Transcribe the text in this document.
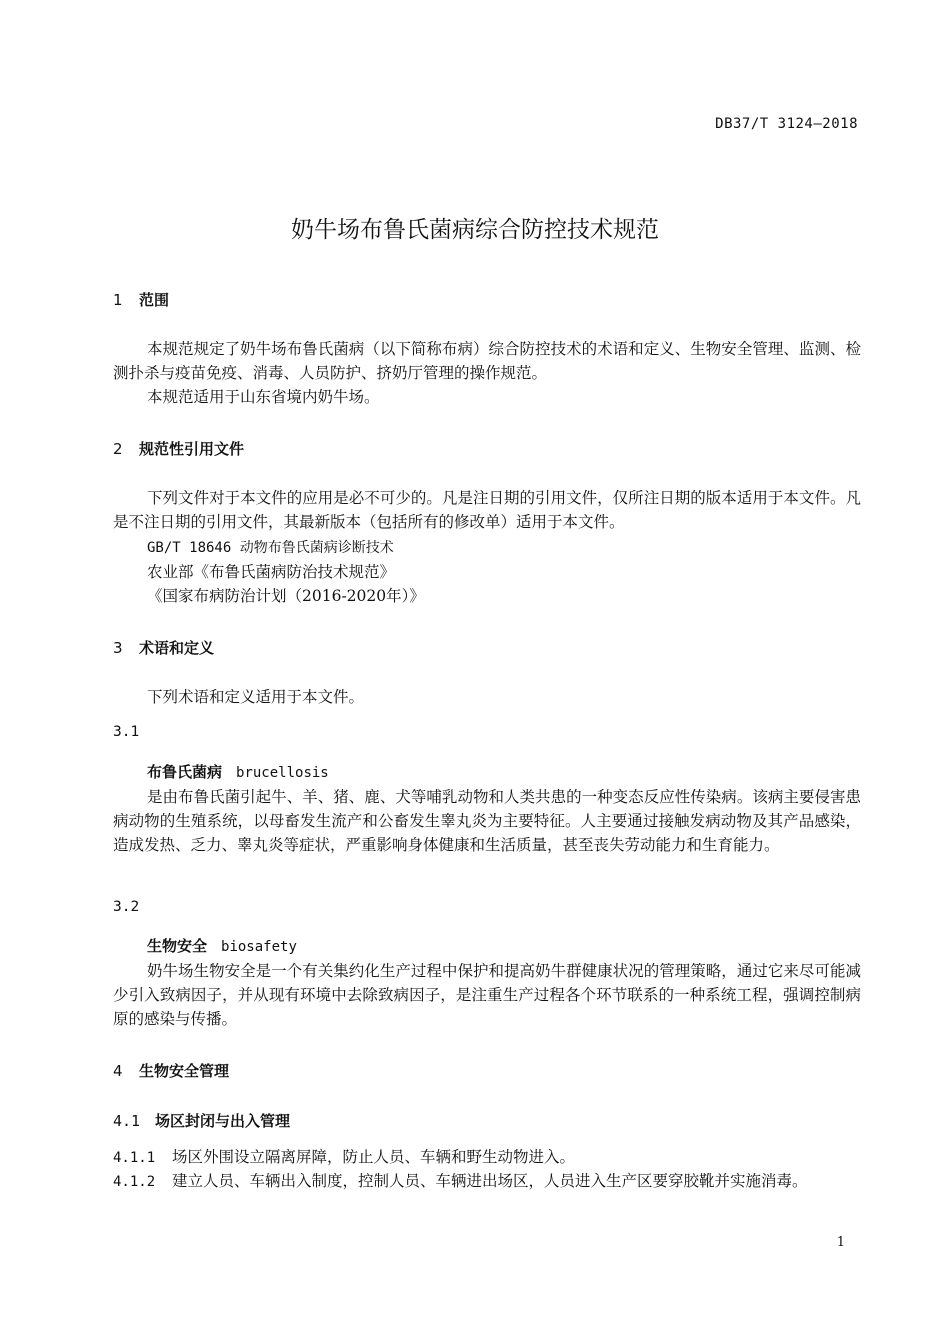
DB37/T 3124—2018
奶牛场布鲁氏菌病综合防控技术规范
1 范围
本规范规定了奶牛场布鲁氏菌病（以下简称布病）综合防控技术的术语和定义、生物安全管理、监测、检测扑杀与疫苗免疫、消毒、人员防护、挤奶厅管理的操作规范。
本规范适用于山东省境内奶牛场。
2 规范性引用文件
下列文件对于本文件的应用是必不可少的。凡是注日期的引用文件，仅所注日期的版本适用于本文件。凡是不注日期的引用文件，其最新版本（包括所有的修改单）适用于本文件。
GB/T 18646 动物布鲁氏菌病诊断技术
农业部《布鲁氏菌病防治技术规范》
《国家布病防治计划（2016-2020年）》
3 术语和定义
下列术语和定义适用于本文件。
3.1
布鲁氏菌病 brucellosis
是由布鲁氏菌引起牛、羊、猪、鹿、犬等哺乳动物和人类共患的一种变态反应性传染病。该病主要侵害患病动物的生殖系统，以母畜发生流产和公畜发生睾丸炎为主要特征。人主要通过接触发病动物及其产品感染，造成发热、乏力、睾丸炎等症状，严重影响身体健康和生活质量，甚至丧失劳动能力和生育能力。
3.2
生物安全 biosafety
奶牛场生物安全是一个有关集约化生产过程中保护和提高奶牛群健康状况的管理策略，通过它来尽可能减少引入致病因子，并从现有环境中去除致病因子，是注重生产过程各个环节联系的一种系统工程，强调控制病原的感染与传播。
4 生物安全管理
4.1 场区封闭与出入管理
4.1.1 场区外围设立隔离屏障，防止人员、车辆和野生动物进入。
4.1.2 建立人员、车辆出入制度，控制人员、车辆进出场区，人员进入生产区要穿胶靴并实施消毒。
1
